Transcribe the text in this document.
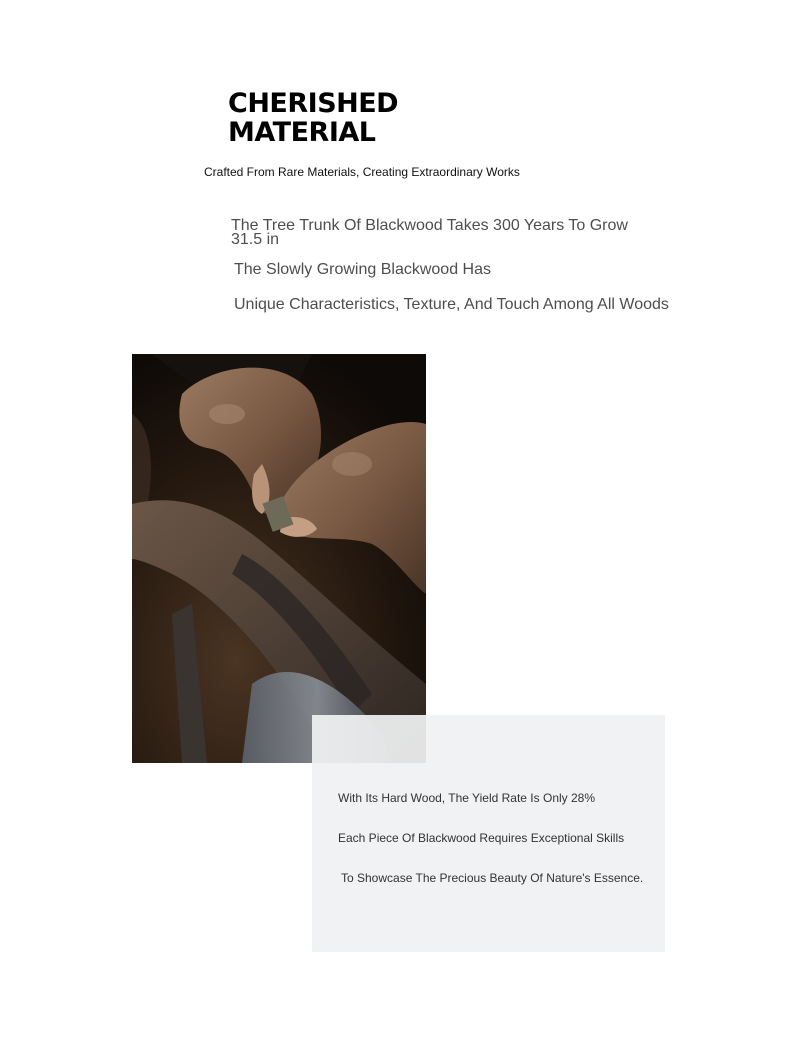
CHERISHED
MATERIAL
Crafted From Rare Materials, Creating Extraordinary Works

The Tree Trunk Of Blackwood Takes 300 Years To Grow 31.5 in

The Slowly Growing Blackwood Has

Unique Characteristics, Texture, And Touch Among All Woods

With Its Hard Wood, The Yield Rate Is Only 28%
Each Piece Of Blackwood Requires Exceptional Skills
To Showcase The Precious Beauty Of Nature's Essence.
